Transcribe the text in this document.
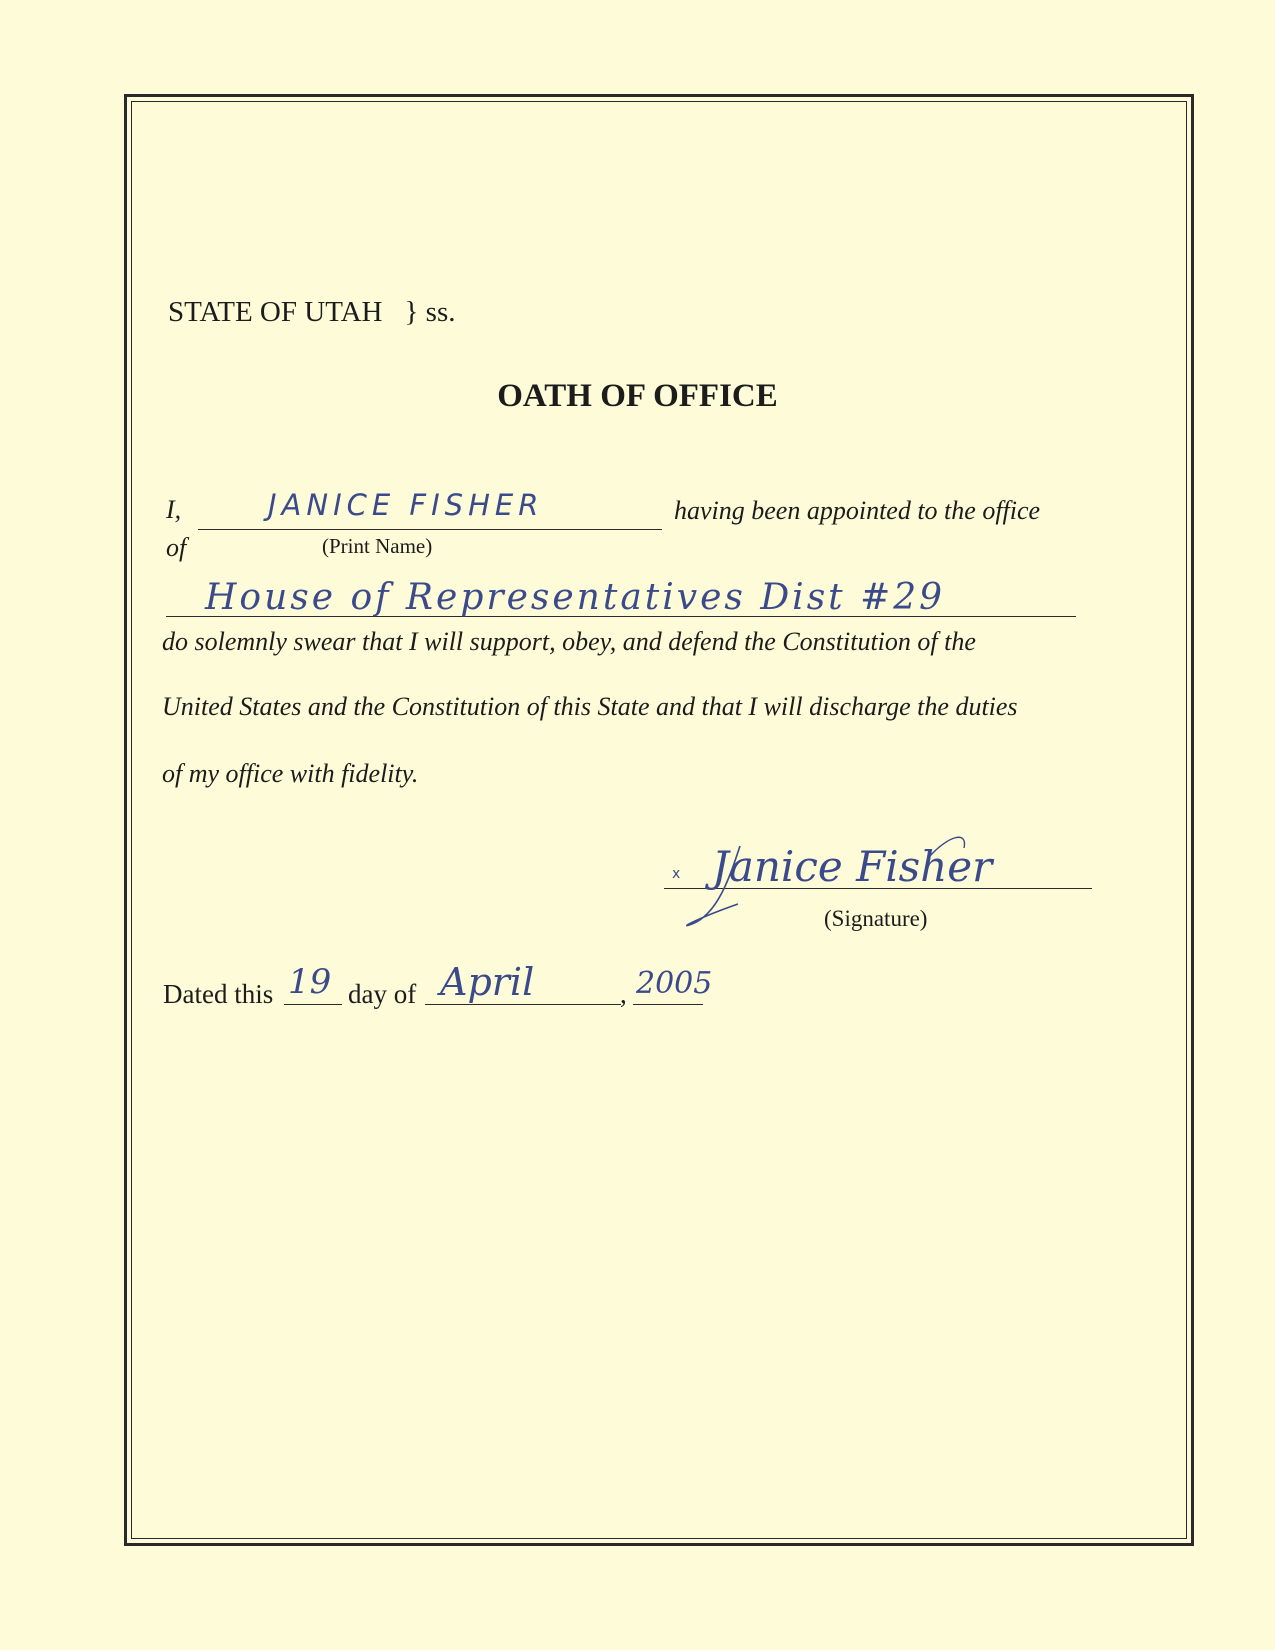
STATE OF UTAH } ss.
OATH OF OFFICE
I,	JANICE FISHER	having been appointed to the office
of	(Print Name)
House of Representatives Dist #29
do solemnly swear that I will support, obey, and defend the Constitution of the
United States and the Constitution of this State and that I will discharge the duties
of my office with fidelity.
x Janice Fisher
(Signature)
Dated this 19 day of April	, 2005
